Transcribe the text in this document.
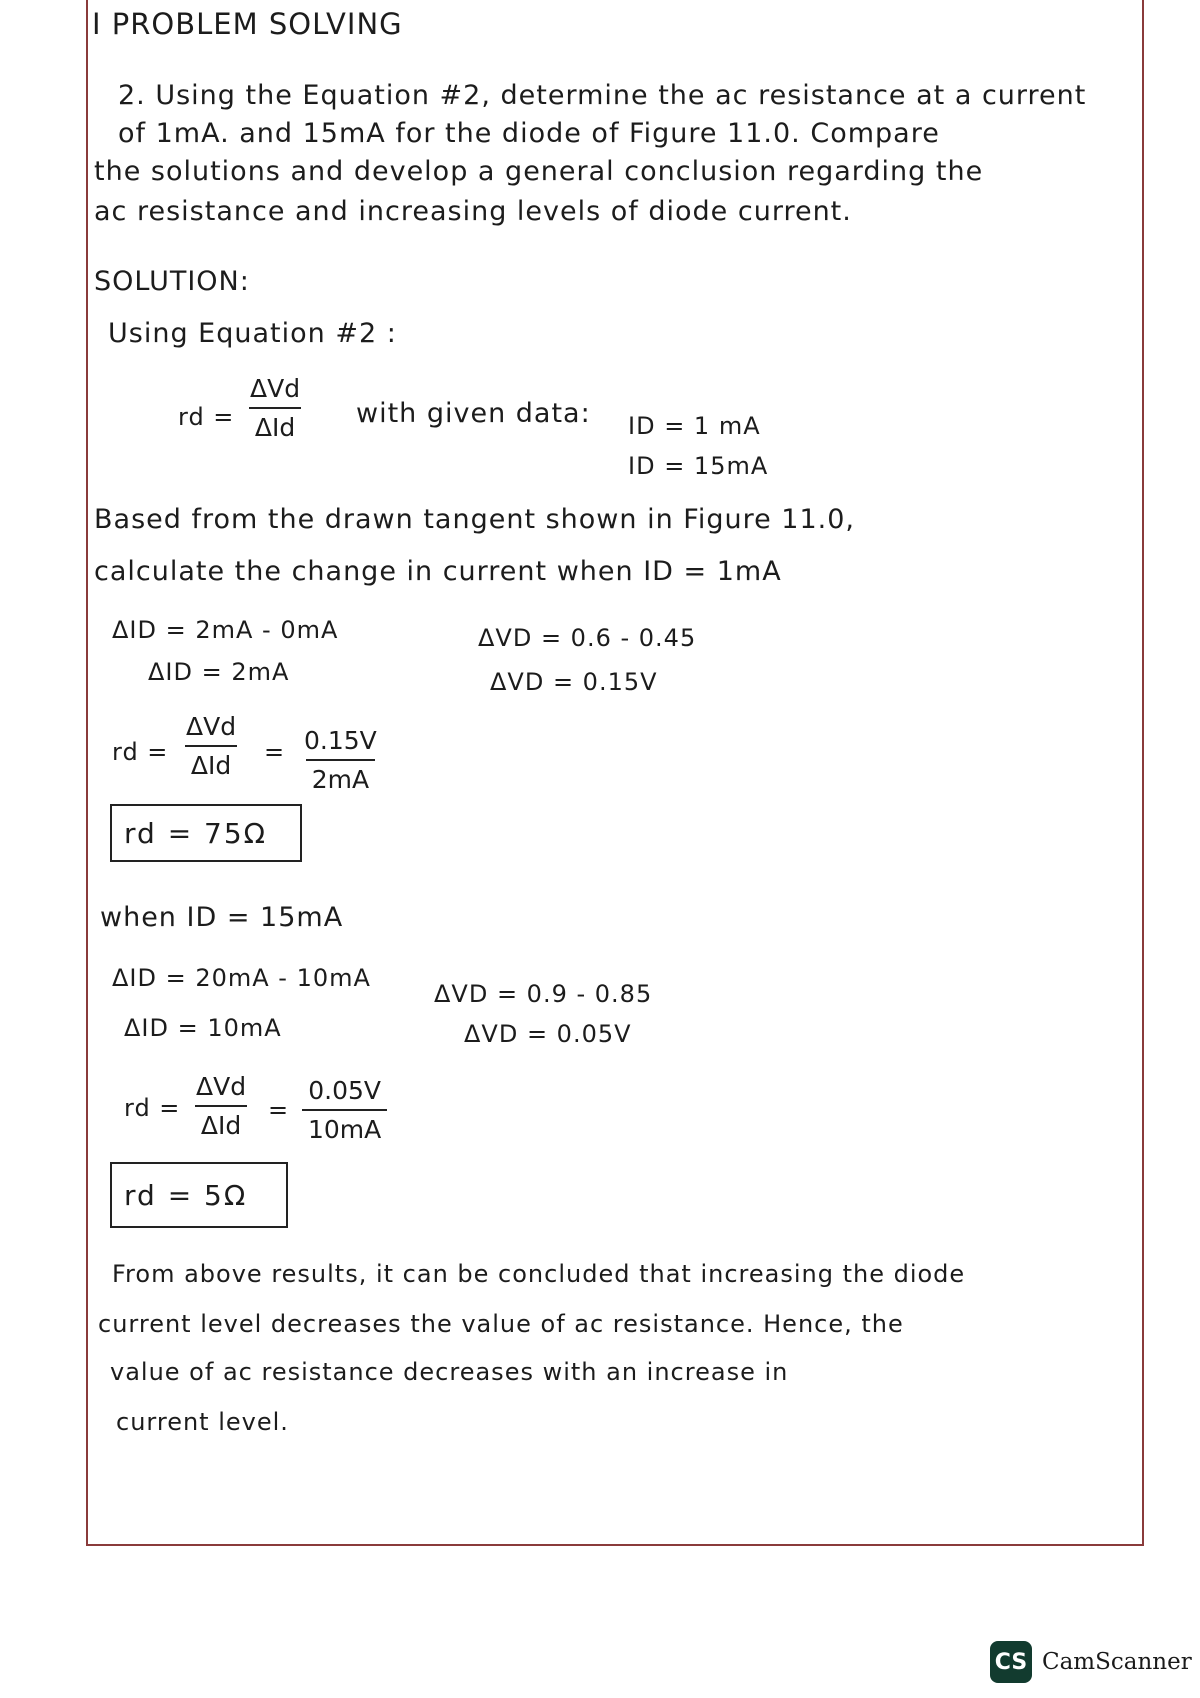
I PROBLEM SOLVING
2. Using the Equation #2, determine the ac resistance at a current
of 1mA. and 15mA for the diode of Figure 11.0. Compare
the solutions and develop a general conclusion regarding the
ac resistance and increasing levels of diode current.
SOLUTION:
Using Equation #2 :
rd =
ΔVd
ΔId with given data: ID = 1 mA
ID = 15mA
Based from the drawn tangent shown in Figure 11.0,
calculate the change in current when ID = 1mA
ΔID = 2mA - 0mA
ΔID = 2mA
ΔVD = 0.6 - 0.45
ΔVD = 0.15V
rd =
ΔVd
$\Delta Id = \frac{0.15V}{2mA}$
rd = 75Ω
when ID = 15mA
ΔID = 20mA - 10mA
ΔID = 10mA
ΔVD = 0.9 - 0.85
ΔVD = 0.05V
rd =
ΔVd
ΔId
= $\frac{0.05V}{10mA}$
rd = 5Ω
From above results, it can be concluded that increasing the diode
current level decreases the value of ac resistance. Hence, the
value of ac resistance decreases with an increase in
current level.
CS CamScanner
